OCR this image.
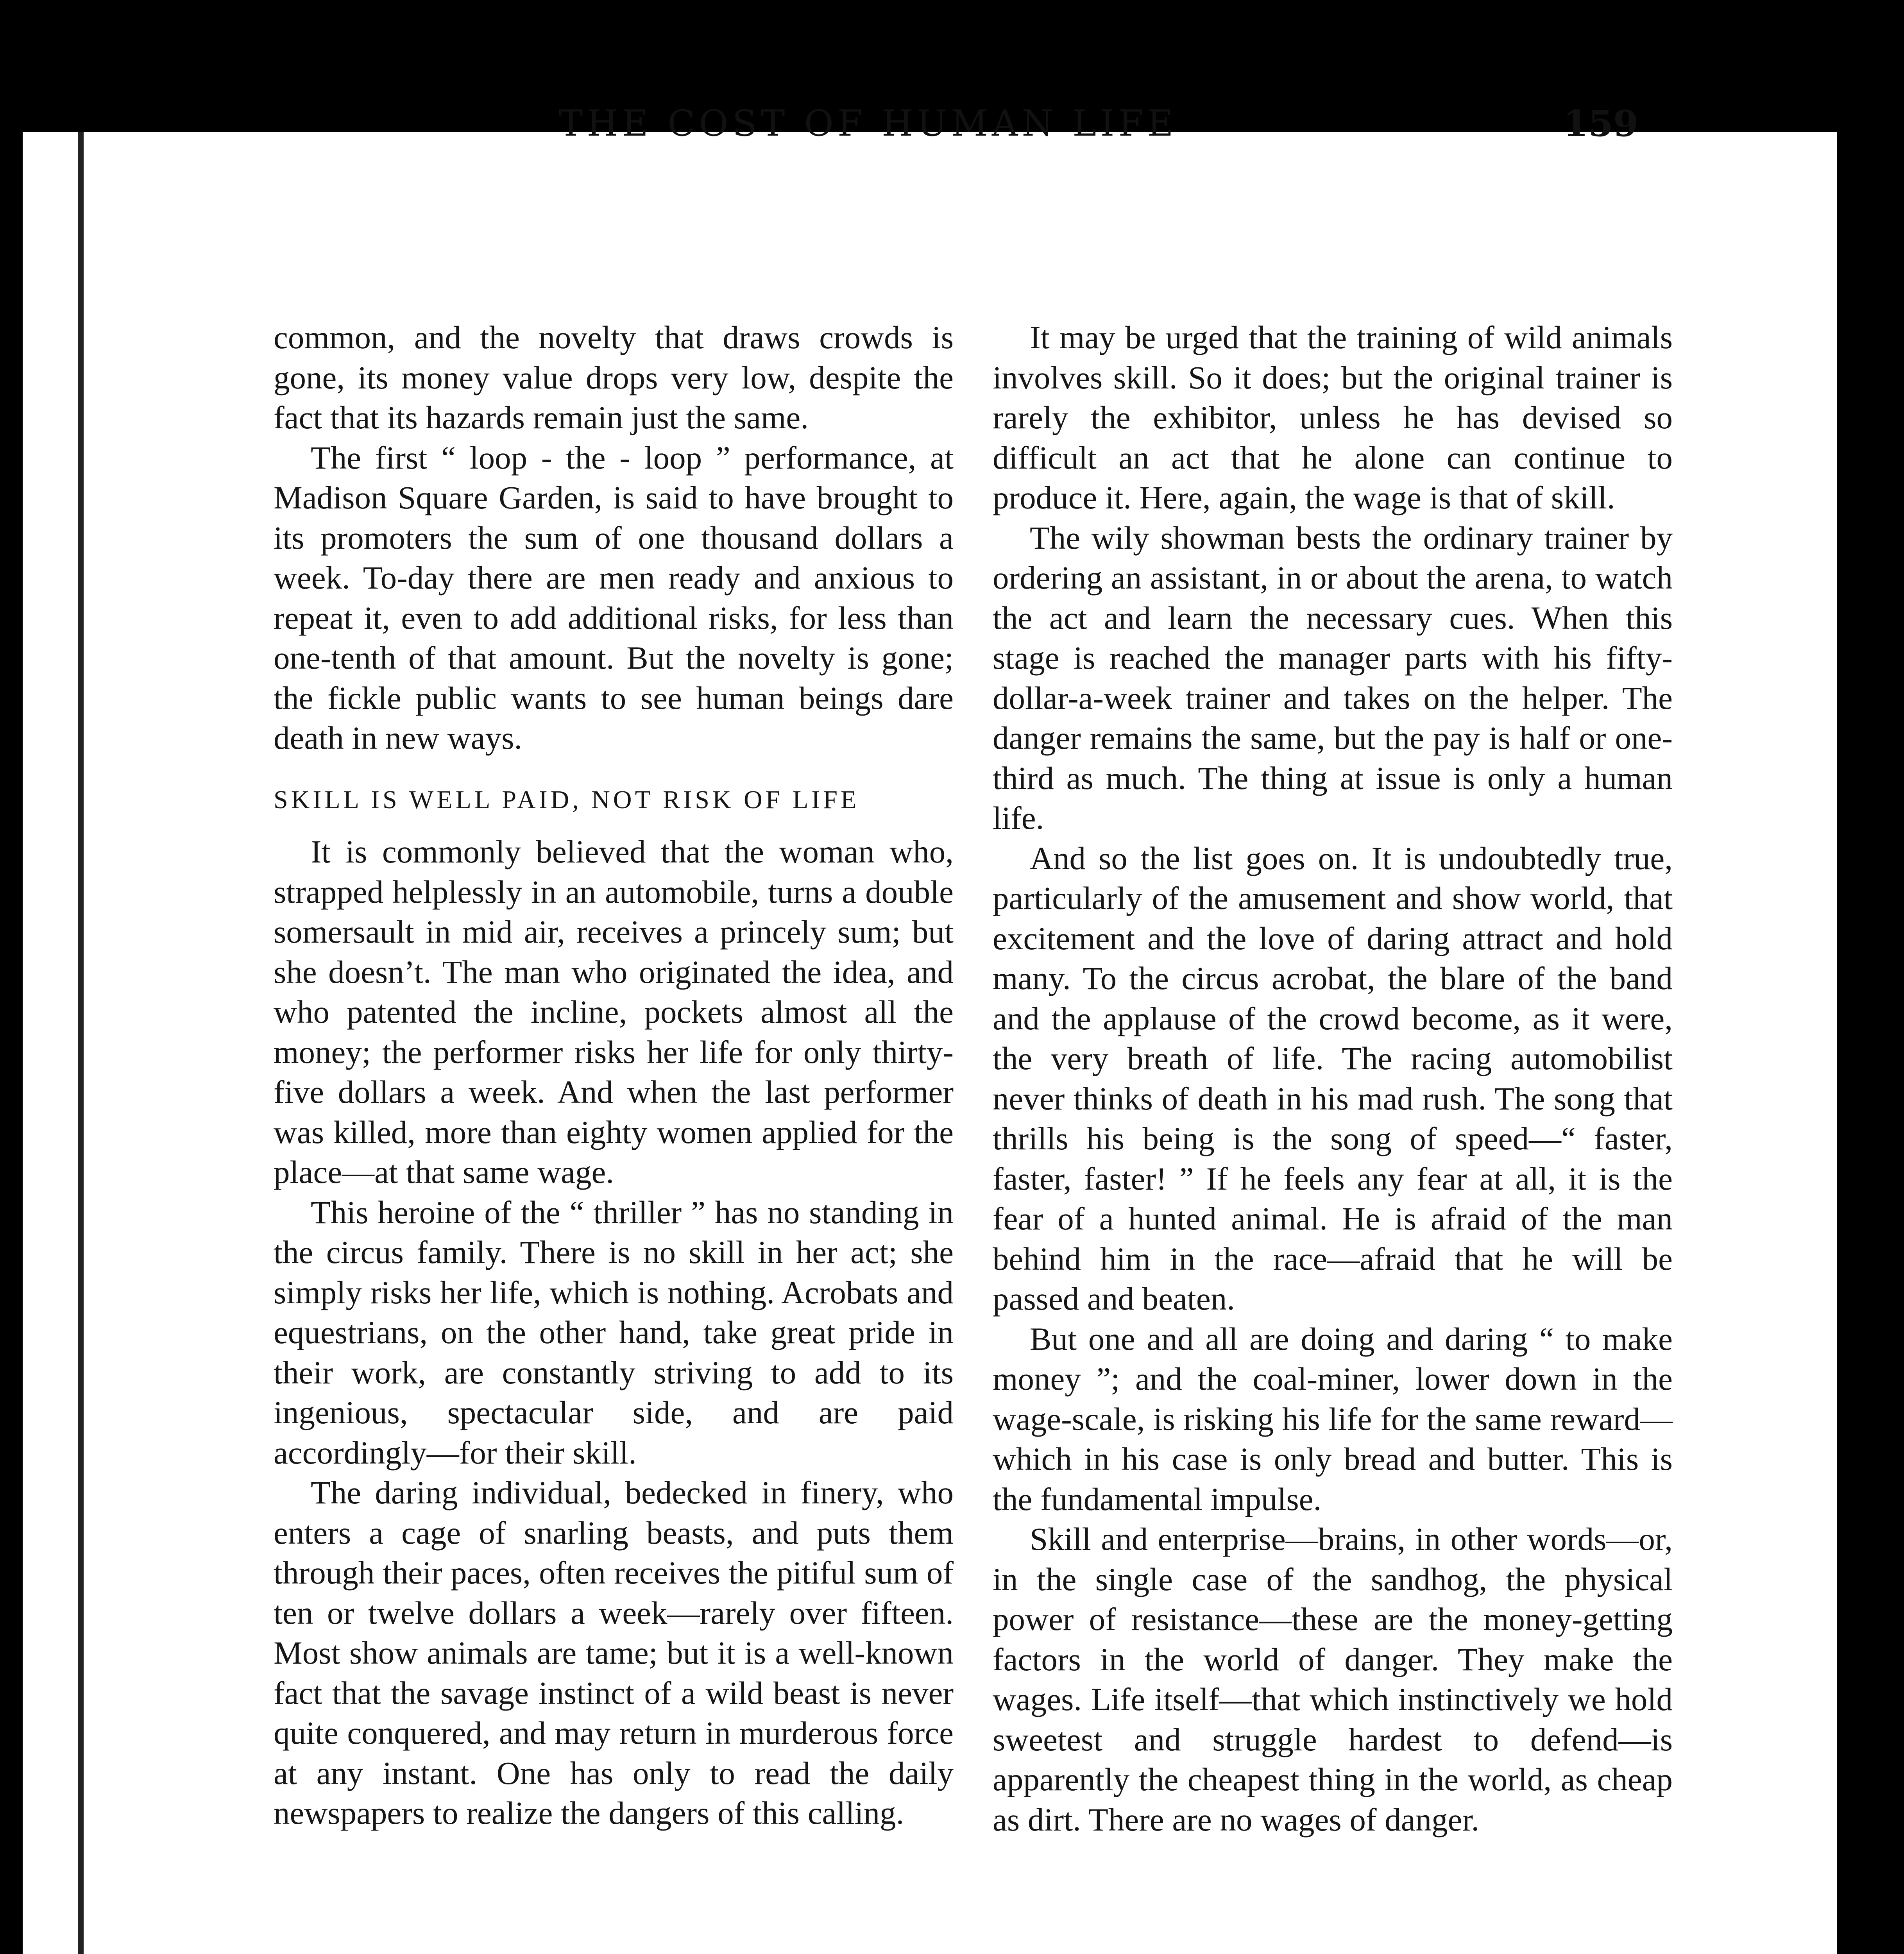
THE COST OF HUMAN LIFE	159

common, and the novelty that draws crowds is gone, its money value drops very low, despite the fact that its hazards remain just the same.

The first “ loop - the - loop ” performance, at Madison Square Garden, is said to have brought to its promoters the sum of one thousand dollars a week. To-day there are men ready and anxious to repeat it, even to add additional risks, for less than one-tenth of that amount. But the novelty is gone; the fickle public wants to see human beings dare death in new ways.

SKILL IS WELL PAID, NOT RISK OF LIFE

It is commonly believed that the woman who, strapped helplessly in an automobile, turns a double somersault in mid air, receives a princely sum; but she doesn’t. The man who originated the idea, and who patented the incline, pockets almost all the money; the performer risks her life for only thirty-five dollars a week. And when the last performer was killed, more than eighty women applied for the place—at that same wage.

This heroine of the “ thriller ” has no standing in the circus family. There is no skill in her act; she simply risks her life, which is nothing. Acrobats and equestrians, on the other hand, take great pride in their work, are constantly striving to add to its ingenious, spectacular side, and are paid accordingly—for their skill.

The daring individual, bedecked in finery, who enters a cage of snarling beasts, and puts them through their paces, often receives the pitiful sum of ten or twelve dollars a week—rarely over fifteen. Most show animals are tame; but it is a well-known fact that the savage instinct of a wild beast is never quite conquered, and may return in murderous force at any instant. One has only to read the daily newspapers to realize the dangers of this calling.

It may be urged that the training of wild animals involves skill. So it does; but the original trainer is rarely the exhibitor, unless he has devised so difficult an act that he alone can continue to produce it. Here, again, the wage is that of skill.

The wily showman bests the ordinary trainer by ordering an assistant, in or about the arena, to watch the act and learn the necessary cues. When this stage is reached the manager parts with his fifty-dollar-a-week trainer and takes on the helper. The danger remains the same, but the pay is half or one-third as much. The thing at issue is only a human life.

And so the list goes on. It is undoubtedly true, particularly of the amusement and show world, that excitement and the love of daring attract and hold many. To the circus acrobat, the blare of the band and the applause of the crowd become, as it were, the very breath of life. The racing automobilist never thinks of death in his mad rush. The song that thrills his being is the song of speed—“ faster, faster, faster! ” If he feels any fear at all, it is the fear of a hunted animal. He is afraid of the man behind him in the race—afraid that he will be passed and beaten.

But one and all are doing and daring “ to make money ”; and the coal-miner, lower down in the wage-scale, is risking his life for the same reward—which in his case is only bread and butter. This is the fundamental impulse.

Skill and enterprise—brains, in other words—or, in the single case of the sandhog, the physical power of resistance—these are the money-getting factors in the world of danger. They make the wages. Life itself—that which instinctively we hold sweetest and struggle hardest to defend—is apparently the cheapest thing in the world, as cheap as dirt. There are no wages of danger.
